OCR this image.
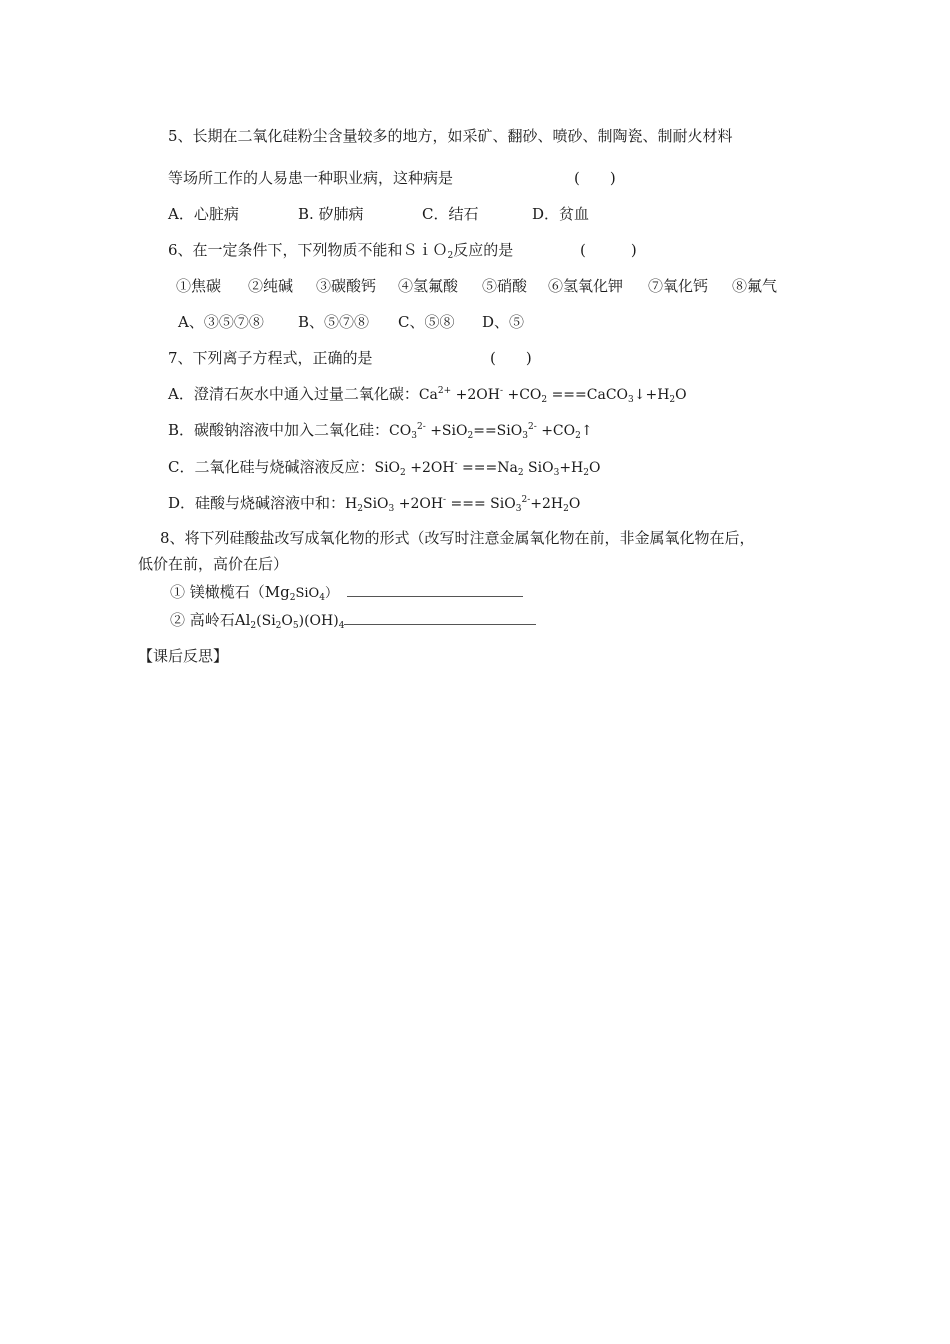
5、长期在二氧化硅粉尘含量较多的地方，如采矿、翻砂、喷砂、制陶瓷、制耐火材料
等场所工作的人易患一种职业病，这种病是	(　　)
A．心脏病	B. 矽肺病	C．结石	D．贫血
6、在一定条件下，下列物质不能和ＳｉＯ$_2$反应的是	(　　　)
①焦碳 ②纯碱 ③碳酸钙 ④氢氟酸 ⑤硝酸 ⑥氢氧化钾 ⑦氧化钙 ⑧氟气
A、③⑤⑦⑧ B、⑤⑦⑧ C、⑤⑧ D、⑤
7、下列离子方程式，正确的是	(　　)
A．澄清石灰水中通入过量二氧化碳：$Ca^{2+} +2OH^- +CO_2$ $===CaCO_3↓+H_2O$
B．碳酸钠溶液中加入二氧化硅：$CO_3^{2-} +SiO_2==SiO_3^{2-}$ $+CO_2↑$
C．二氧化硅与烧碱溶液反应：$SiO_2 +2OH^- ===Na_2$ $SiO_3+H_2O$
D．硅酸与烧碱溶液中和：$H_2SiO_3 +2OH^-$ === $SiO_3^{2-}+2H_2O$
8、将下列硅酸盐改写成氧化物的形式（改写时注意金属氧化物在前，非金属氧化物在后，
低价在前，高价在后）
① 镁橄榄石$(Mg_2SiO_4)$
② 高岭石$Al_2(Si_2O_5)(OH)_4$
【课后反思】
